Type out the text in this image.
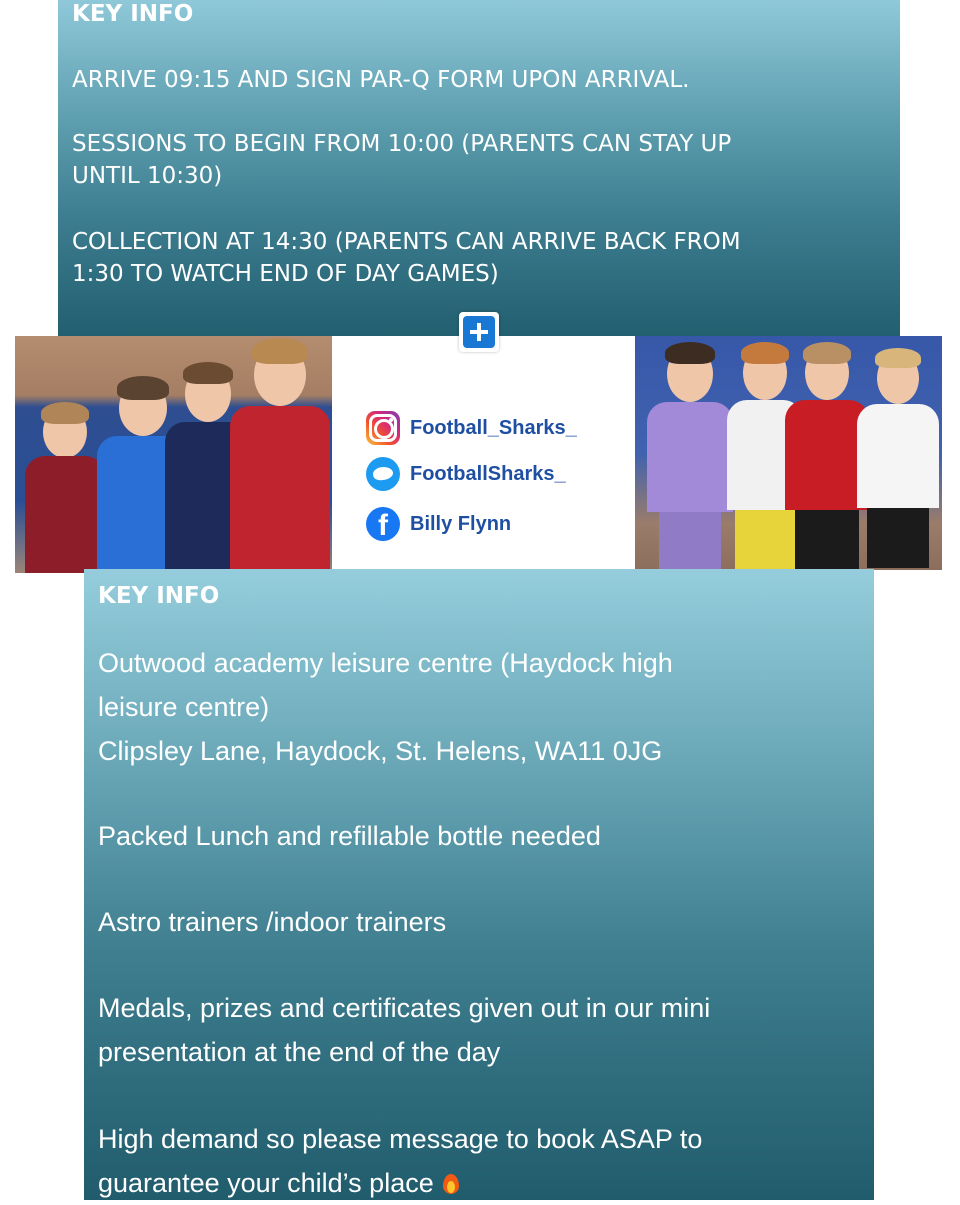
KEY INFO
ARRIVE 09:15 AND SIGN PAR-Q FORM UPON ARRIVAL.
SESSIONS TO BEGIN FROM 10:00 (PARENTS CAN STAY UP
UNTIL 10:30)
COLLECTION AT 14:30 (PARENTS CAN ARRIVE BACK FROM
1:30 TO WATCH END OF DAY GAMES)
Football_Sharks_
FootballSharks_
f	Billy Flynn
KEY INFO
Outwood academy leisure centre (Haydock high
leisure centre)
Clipsley Lane, Haydock, St. Helens, WA11 0JG
Packed Lunch and refillable bottle needed
Astro trainers /indoor trainers
Medals, prizes and certificates given out in our mini
presentation at the end of the day
High demand so please message to book ASAP to
guarantee your child’s place
